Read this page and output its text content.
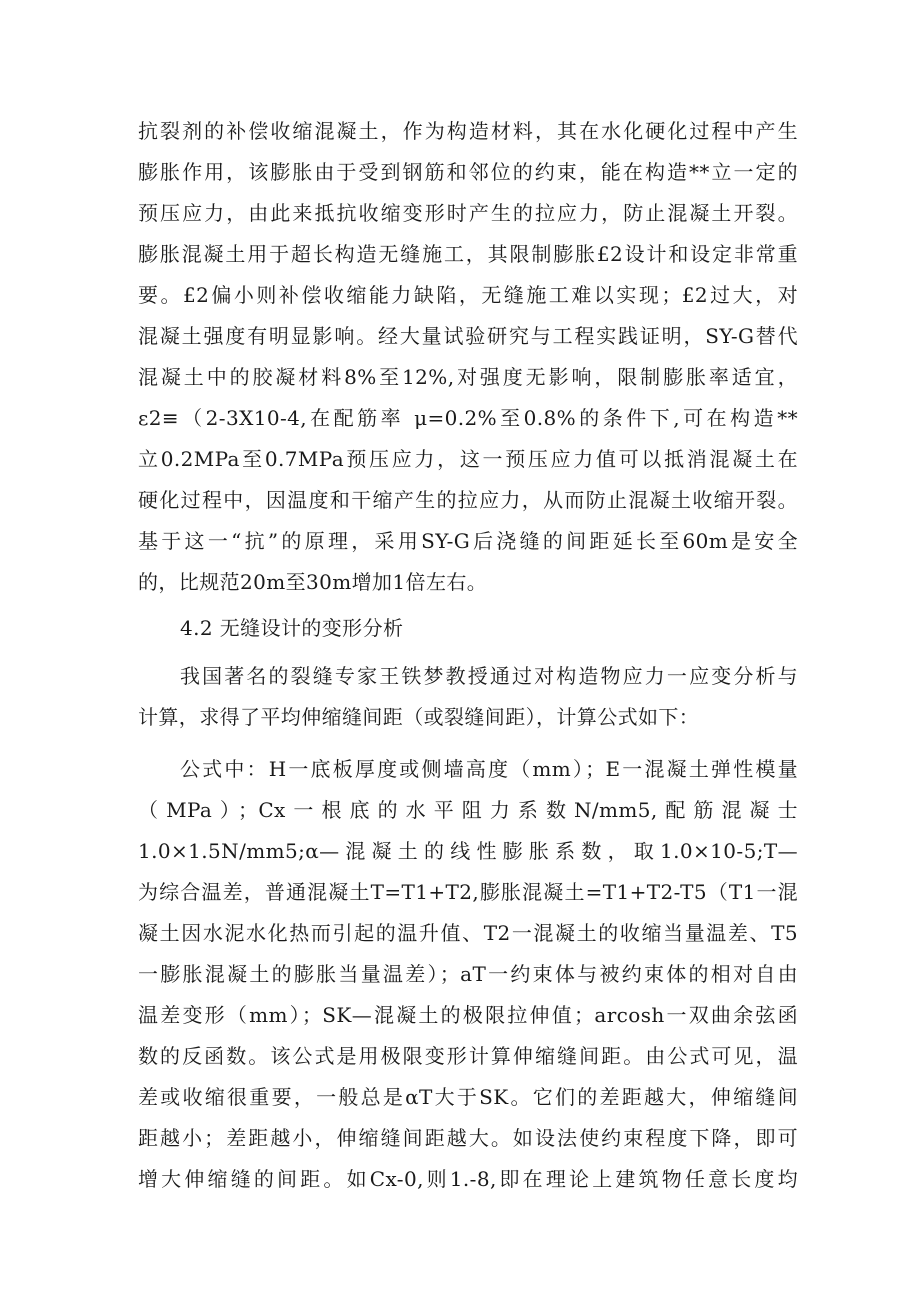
抗裂剂的补偿收缩混凝土，作为构造材料，其在水化硬化过程中产生
膨胀作用，该膨胀由于受到钢筋和邻位的约束，能在构造**立一定的
预压应力，由此来抵抗收缩变形时产生的拉应力，防止混凝土开裂。
膨胀混凝土用于超长构造无缝施工，其限制膨胀£2设计和设定非常重
要。£2偏小则补偿收缩能力缺陷，无缝施工难以实现；£2过大，对
混凝土强度有明显影响。经大量试验研究与工程实践证明，SY-G替代
混凝土中的胶凝材料8%至12%,对强度无影响，限制膨胀率适宜，
ε2≡（2-3X10-4,在配筋率 μ=0.2%至0.8%的条件下,可在构造**
立0.2MPa至0.7MPa预压应力，这一预压应力值可以抵消混凝土在
硬化过程中，因温度和干缩产生的拉应力，从而防止混凝土收缩开裂。
基于这一“抗”的原理，采用SY-G后浇缝的间距延长至60m是安全
的，比规范20m至30m增加1倍左右。
4.2 无缝设计的变形分析
我国著名的裂缝专家王铁梦教授通过对构造物应力一应变分析与
计算，求得了平均伸缩缝间距（或裂缝间距），计算公式如下：
公式中：H一底板厚度或侧墙高度（mm）；E一混凝土弹性模量
（MPa）；Cx一根底的水平阻力系数N/mm5,配筋混凝士
1.0×1.5N/mm5;α—混凝土的线性膨胀系数，取1.0×10-5;T—
为综合温差，普通混凝土T=T1+T2,膨胀混凝土=T1+T2-T5（T1一混
凝土因水泥水化热而引起的温升值、T2一混凝土的收缩当量温差、T5
一膨胀混凝土的膨胀当量温差）；aT一约束体与被约束体的相对自由
温差变形（mm）；SK—混凝土的极限拉伸值；arcosh一双曲余弦函
数的反函数。该公式是用极限变形计算伸缩缝间距。由公式可见，温
差或收缩很重要，一般总是αT大于SK。它们的差距越大，伸缩缝间
距越小；差距越小，伸缩缝间距越大。如设法使约束程度下降，即可
增大伸缩缝的间距。如Cx-0,则1.-8,即在理论上建筑物任意长度均
